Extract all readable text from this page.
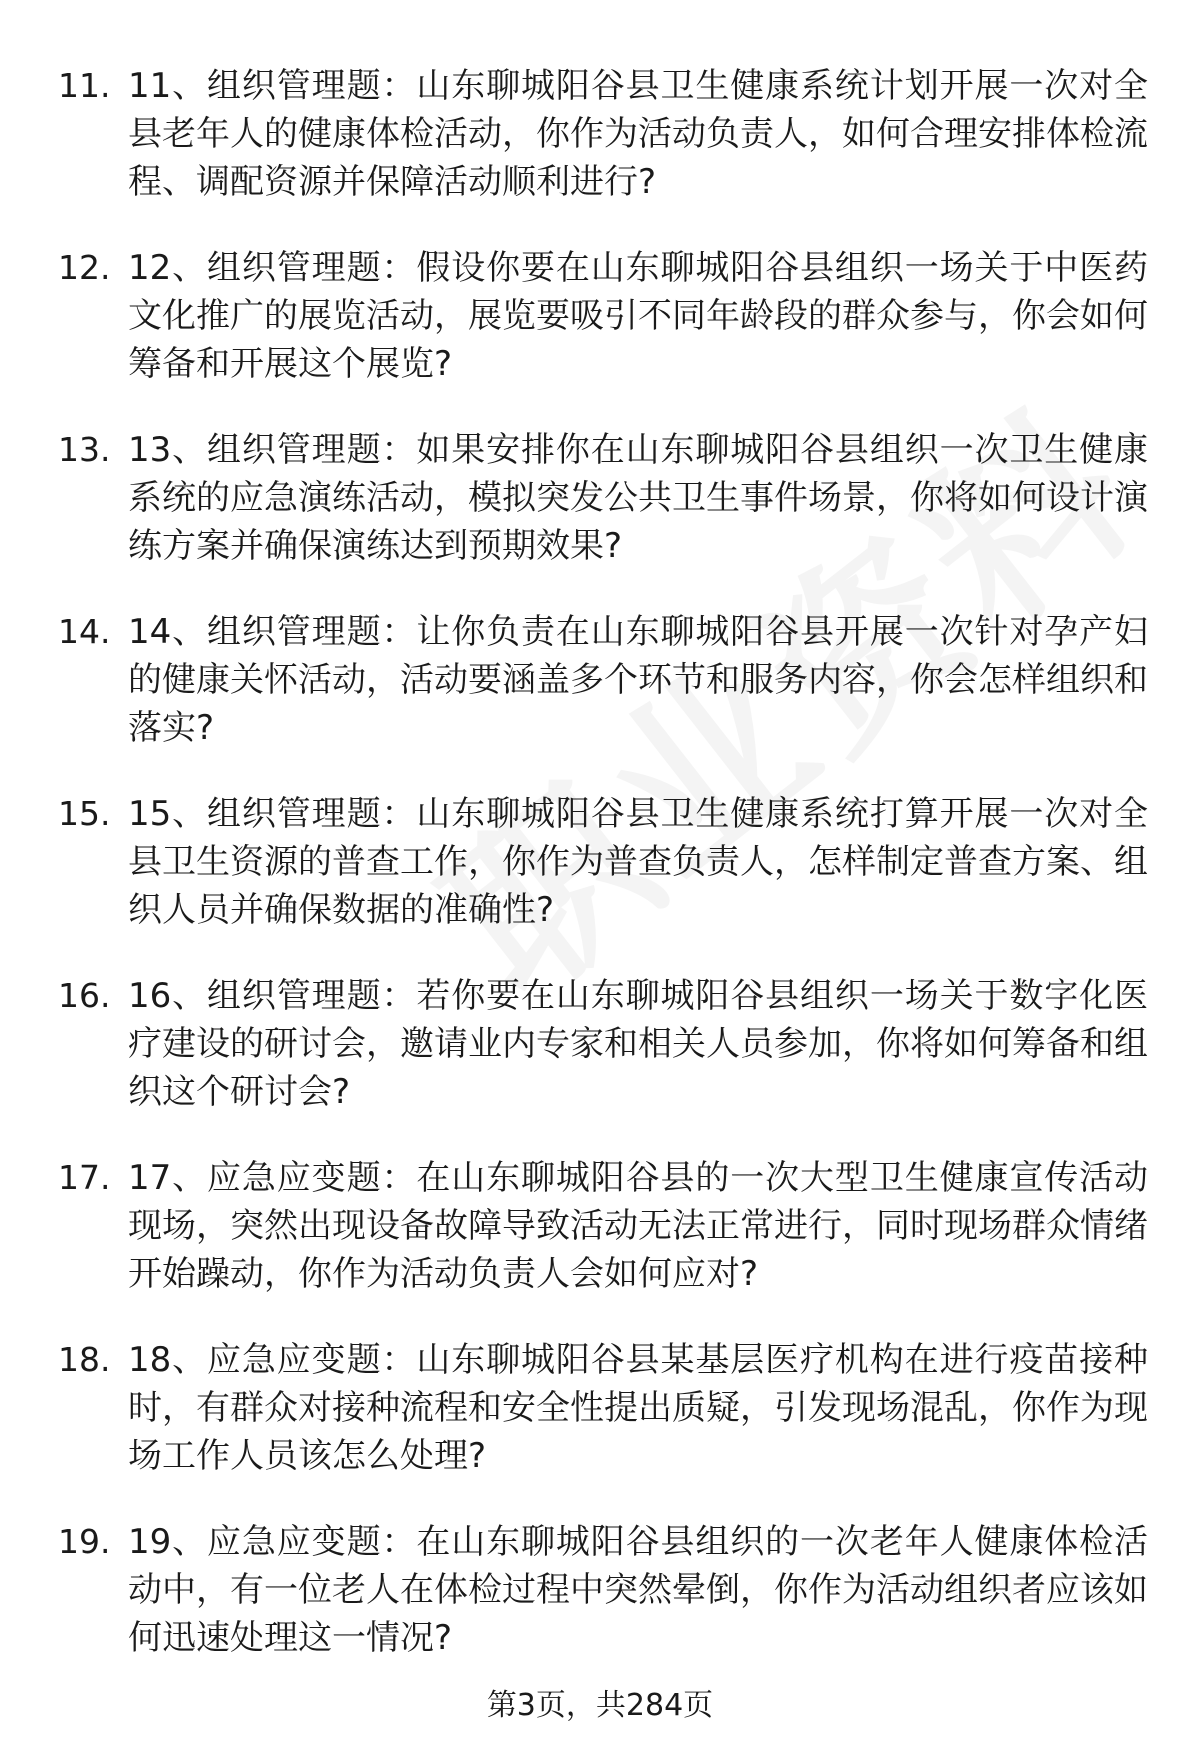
11. 11、组织管理题：山东聊城阳谷县卫生健康系统计划开展一次对全县老年人的健康体检活动，你作为活动负责人，如何合理安排体检流程、调配资源并保障活动顺利进行?
12. 12、组织管理题：假设你要在山东聊城阳谷县组织一场关于中医药文化推广的展览活动，展览要吸引不同年龄段的群众参与，你会如何筹备和开展这个展览?
13. 13、组织管理题：如果安排你在山东聊城阳谷县组织一次卫生健康系统的应急演练活动，模拟突发公共卫生事件场景，你将如何设计演练方案并确保演练达到预期效果?
14. 14、组织管理题：让你负责在山东聊城阳谷县开展一次针对孕产妇的健康关怀活动，活动要涵盖多个环节和服务内容，你会怎样组织和落实?
15. 15、组织管理题：山东聊城阳谷县卫生健康系统打算开展一次对全县卫生资源的普查工作，你作为普查负责人，怎样制定普查方案、组织人员并确保数据的准确性?
16. 16、组织管理题：若你要在山东聊城阳谷县组织一场关于数字化医疗建设的研讨会，邀请业内专家和相关人员参加，你将如何筹备和组织这个研讨会?
17. 17、应急应变题：在山东聊城阳谷县的一次大型卫生健康宣传活动现场，突然出现设备故障导致活动无法正常进行，同时现场群众情绪开始躁动，你作为活动负责人会如何应对?
18. 18、应急应变题：山东聊城阳谷县某基层医疗机构在进行疫苗接种时，有群众对接种流程和安全性提出质疑，引发现场混乱，你作为现场工作人员该怎么处理?
19. 19、应急应变题：在山东聊城阳谷县组织的一次老年人健康体检活动中，有一位老人在体检过程中突然晕倒，你作为活动组织者应该如何迅速处理这一情况?
第3页，共284页
